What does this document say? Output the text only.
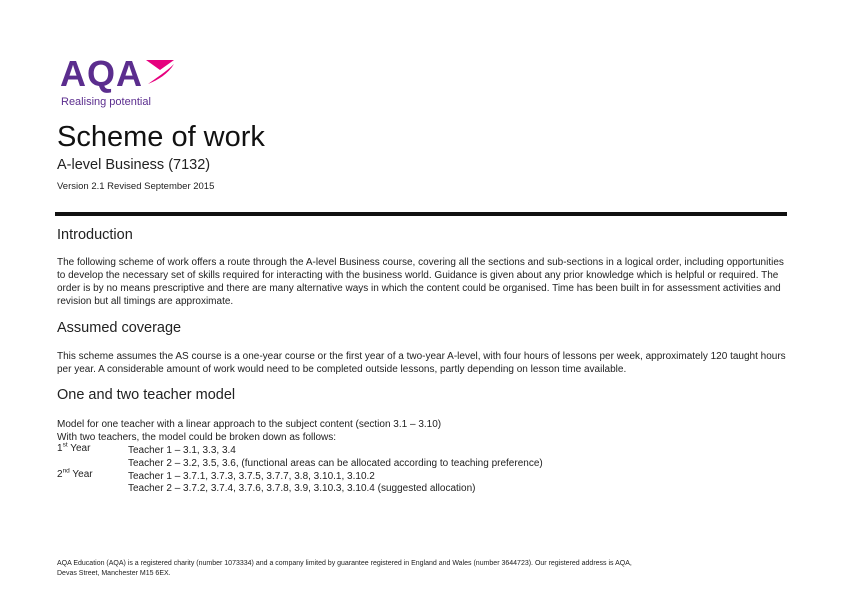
AQA
Realising potential
Scheme of work
A-level Business (7132)
Version 2.1 Revised September 2015
Introduction
The following scheme of work offers a route through the A-level Business course, covering all the sections and sub-sections in a logical order, including opportunities to develop the necessary set of skills required for interacting with the business world. Guidance is given about any prior knowledge which is helpful or required. The order is by no means prescriptive and there are many alternative ways in which the content could be organised. Time has been built in for assessment activities and revision but all timings are approximate.
Assumed coverage
This scheme assumes the AS course is a one-year course or the first year of a two-year A-level, with four hours of lessons per week, approximately 120 taught hours per year. A considerable amount of work would need to be completed outside lessons, partly depending on lesson time available.
One and two teacher model
Model for one teacher with a linear approach to the subject content (section 3.1 – 3.10)
With two teachers, the model could be broken down as follows:
1st Year	Teacher 1 – 3.1, 3.3, 3.4
Teacher 2 – 3.2, 3.5, 3.6, (functional areas can be allocated according to teaching preference)
2nd Year	Teacher 1 – 3.7.1, 3.7.3, 3.7.5, 3.7.7, 3.8, 3.10.1, 3.10.2
Teacher 2 – 3.7.2, 3.7.4, 3.7.6, 3.7.8, 3.9, 3.10.3, 3.10.4 (suggested allocation)
AQA Education (AQA) is a registered charity (number 1073334) and a company limited by guarantee registered in England and Wales (number 3644723). Our registered address is AQA, Devas Street, Manchester M15 6EX.
